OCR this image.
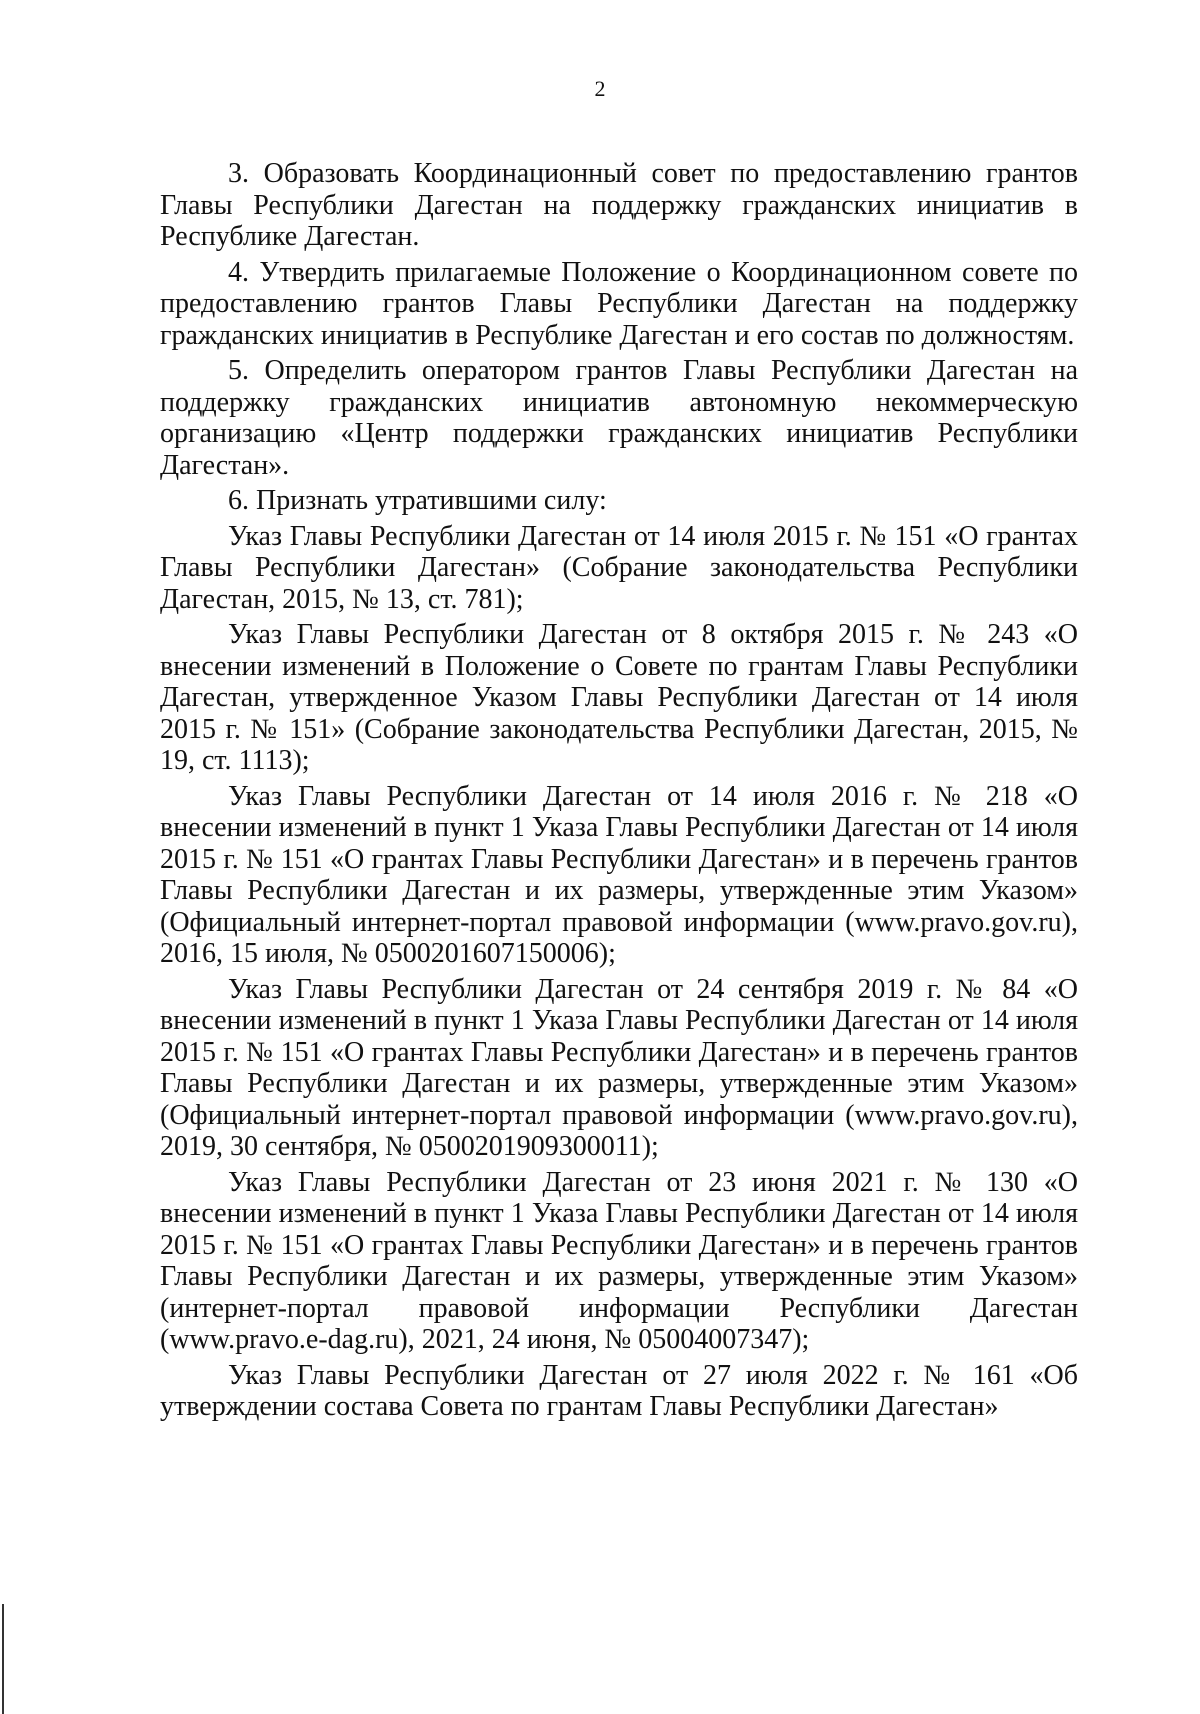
2

3. Образовать Координационный совет по предоставлению грантов Главы Республики Дагестан на поддержку гражданских инициатив в Республике Дагестан.

4. Утвердить прилагаемые Положение о Координационном совете по предоставлению грантов Главы Республики Дагестан на поддержку гражданских инициатив в Республике Дагестан и его состав по должностям.

5. Определить оператором грантов Главы Республики Дагестан на поддержку гражданских инициатив автономную некоммерческую организацию «Центр поддержки гражданских инициатив Республики Дагестан».

6. Признать утратившими силу:

Указ Главы Республики Дагестан от 14 июля 2015 г. № 151 «О грантах Главы Республики Дагестан» (Собрание законодательства Республики Дагестан, 2015, № 13, ст. 781);

Указ Главы Республики Дагестан от 8 октября 2015 г. № 243 «О внесении изменений в Положение о Совете по грантам Главы Республики Дагестан, утвержденное Указом Главы Республики Дагестан от 14 июля 2015 г. № 151» (Собрание законодательства Республики Дагестан, 2015, № 19, ст. 1113);

Указ Главы Республики Дагестан от 14 июля 2016 г. № 218 «О внесении изменений в пункт 1 Указа Главы Республики Дагестан от 14 июля 2015 г. № 151 «О грантах Главы Республики Дагестан» и в перечень грантов Главы Республики Дагестан и их размеры, утвержденные этим Указом» (Официальный интернет-портал правовой информации (www.pravo.gov.ru), 2016, 15 июля, № 0500201607150006);

Указ Главы Республики Дагестан от 24 сентября 2019 г. № 84 «О внесении изменений в пункт 1 Указа Главы Республики Дагестан от 14 июля 2015 г. № 151 «О грантах Главы Республики Дагестан» и в перечень грантов Главы Республики Дагестан и их размеры, утвержденные этим Указом» (Официальный интернет-портал правовой информации (www.pravo.gov.ru), 2019, 30 сентября, № 0500201909300011);

Указ Главы Республики Дагестан от 23 июня 2021 г. № 130 «О внесении изменений в пункт 1 Указа Главы Республики Дагестан от 14 июля 2015 г. № 151 «О грантах Главы Республики Дагестан» и в перечень грантов Главы Республики Дагестан и их размеры, утвержденные этим Указом» (интернет-портал правовой информации Республики Дагестан (www.pravo.e-dag.ru), 2021, 24 июня, № 05004007347);

Указ Главы Республики Дагестан от 27 июля 2022 г. № 161 «Об утверждении состава Совета по грантам Главы Республики Дагестан»
